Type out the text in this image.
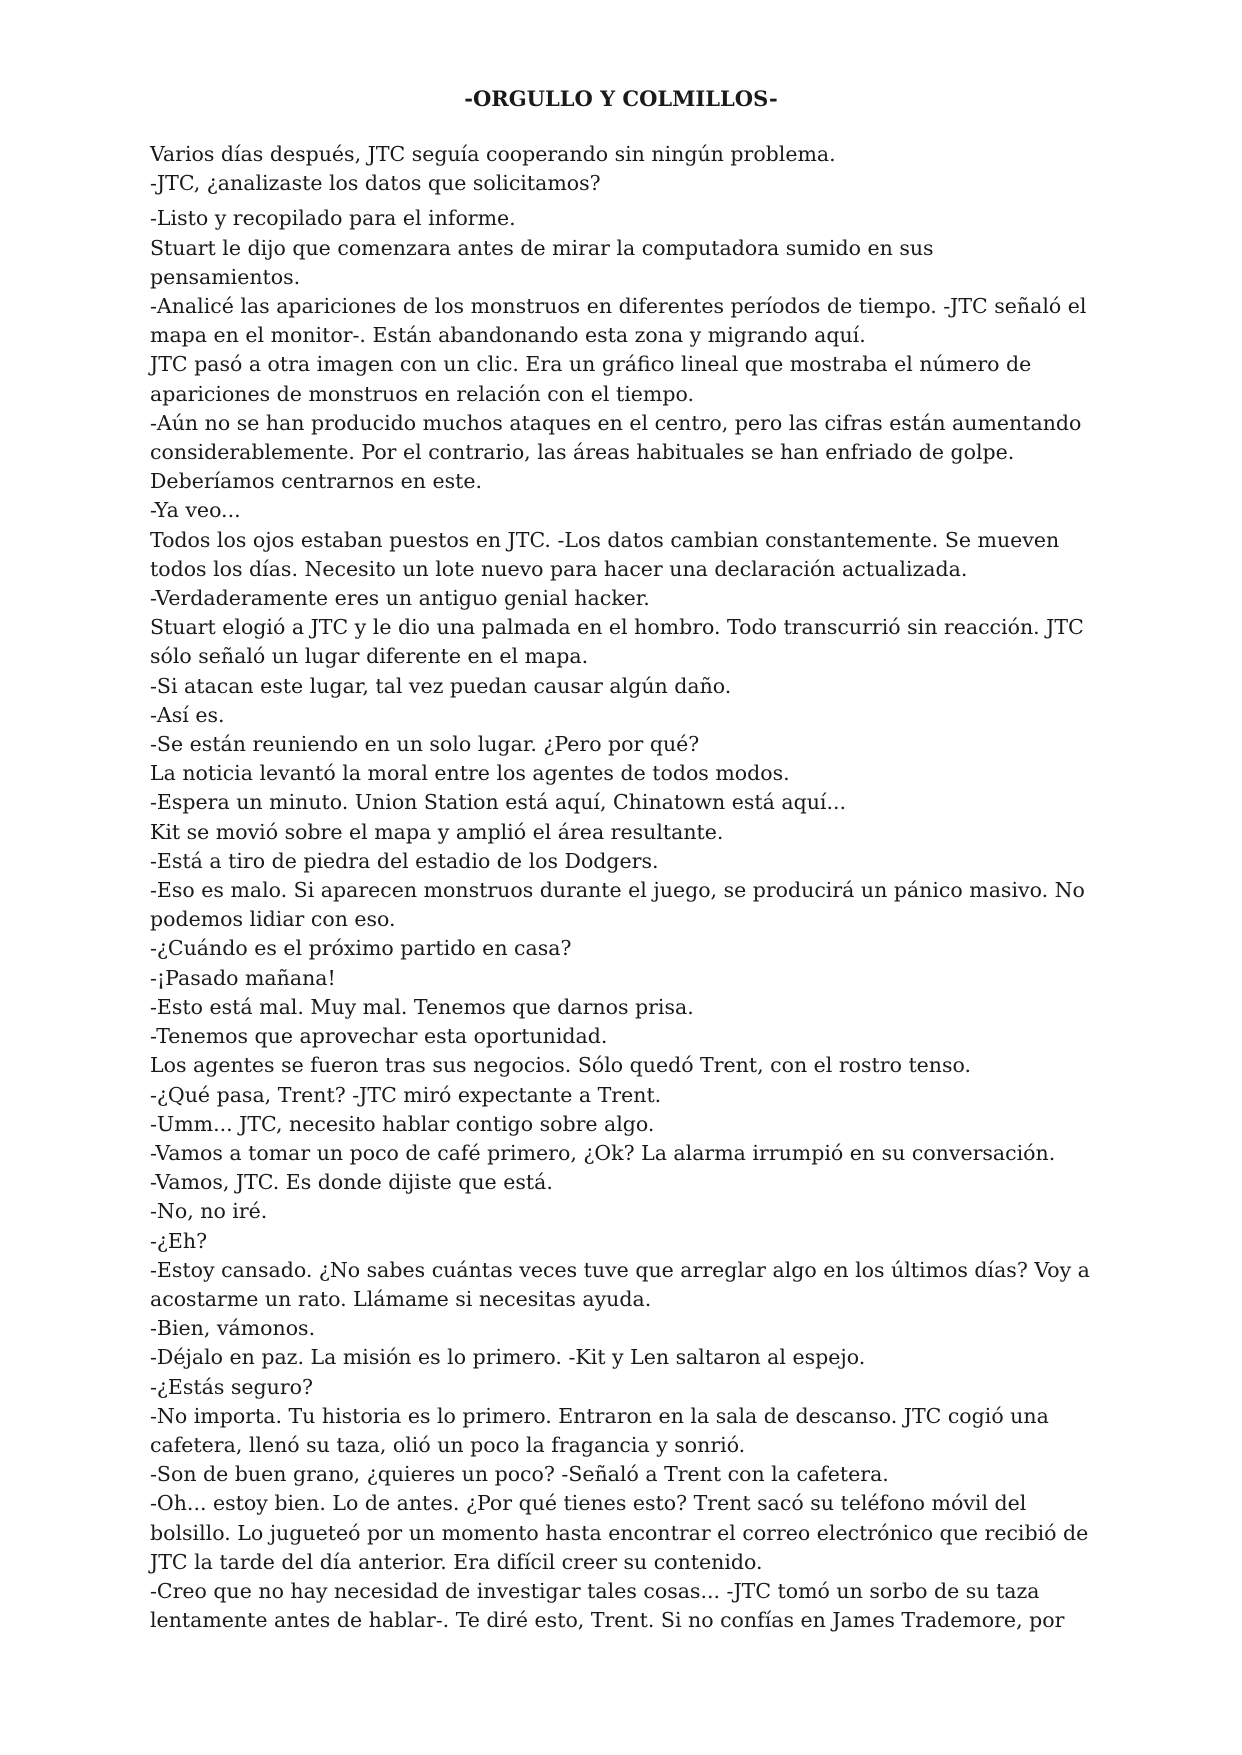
-ORGULLO Y COLMILLOS-

Varios días después, JTC seguía cooperando sin ningún problema.

-JTC, ¿analizaste los datos que solicitamos?

-Listo y recopilado para el informe.

Stuart le dijo que comenzara antes de mirar la computadora sumido en sus pensamientos.

-Analicé las apariciones de los monstruos en diferentes períodos de tiempo. -JTC señaló el mapa en el monitor-. Están abandonando esta zona y migrando aquí.

JTC pasó a otra imagen con un clic. Era un gráfico lineal que mostraba el número de apariciones de monstruos en relación con el tiempo.

-Aún no se han producido muchos ataques en el centro, pero las cifras están aumentando considerablemente. Por el contrario, las áreas habituales se han enfriado de golpe. Deberíamos centrarnos en este.

-Ya veo...

Todos los ojos estaban puestos en JTC. -Los datos cambian constantemente. Se mueven todos los días. Necesito un lote nuevo para hacer una declaración actualizada.

-Verdaderamente eres un antiguo genial hacker.

Stuart elogió a JTC y le dio una palmada en el hombro. Todo transcurrió sin reacción. JTC sólo señaló un lugar diferente en el mapa.

-Si atacan este lugar, tal vez puedan causar algún daño.

-Así es.

-Se están reuniendo en un solo lugar. ¿Pero por qué?

La noticia levantó la moral entre los agentes de todos modos.

-Espera un minuto. Union Station está aquí, Chinatown está aquí...

Kit se movió sobre el mapa y amplió el área resultante.

-Está a tiro de piedra del estadio de los Dodgers.

-Eso es malo. Si aparecen monstruos durante el juego, se producirá un pánico masivo. No podemos lidiar con eso.

-¿Cuándo es el próximo partido en casa?

-¡Pasado mañana!

-Esto está mal. Muy mal. Tenemos que darnos prisa.

-Tenemos que aprovechar esta oportunidad.

Los agentes se fueron tras sus negocios. Sólo quedó Trent, con el rostro tenso.

-¿Qué pasa, Trent? -JTC miró expectante a Trent.

-Umm... JTC, necesito hablar contigo sobre algo.

-Vamos a tomar un poco de café primero, ¿Ok? La alarma irrumpió en su conversación.

-Vamos, JTC. Es donde dijiste que está.

-No, no iré.

-¿Eh?

-Estoy cansado. ¿No sabes cuántas veces tuve que arreglar algo en los últimos días? Voy a acostarme un rato. Llámame si necesitas ayuda.

-Bien, vámonos.

-Déjalo en paz. La misión es lo primero. -Kit y Len saltaron al espejo.

-¿Estás seguro?

-No importa. Tu historia es lo primero. Entraron en la sala de descanso. JTC cogió una cafetera, llenó su taza, olió un poco la fragancia y sonrió.

-Son de buen grano, ¿quieres un poco? -Señaló a Trent con la cafetera.

-Oh... estoy bien. Lo de antes. ¿Por qué tienes esto? Trent sacó su teléfono móvil del bolsillo. Lo jugueteó por un momento hasta encontrar el correo electrónico que recibió de JTC la tarde del día anterior. Era difícil creer su contenido.

-Creo que no hay necesidad de investigar tales cosas... -JTC tomó un sorbo de su taza lentamente antes de hablar-. Te diré esto, Trent. Si no confías en James Trademore, por
